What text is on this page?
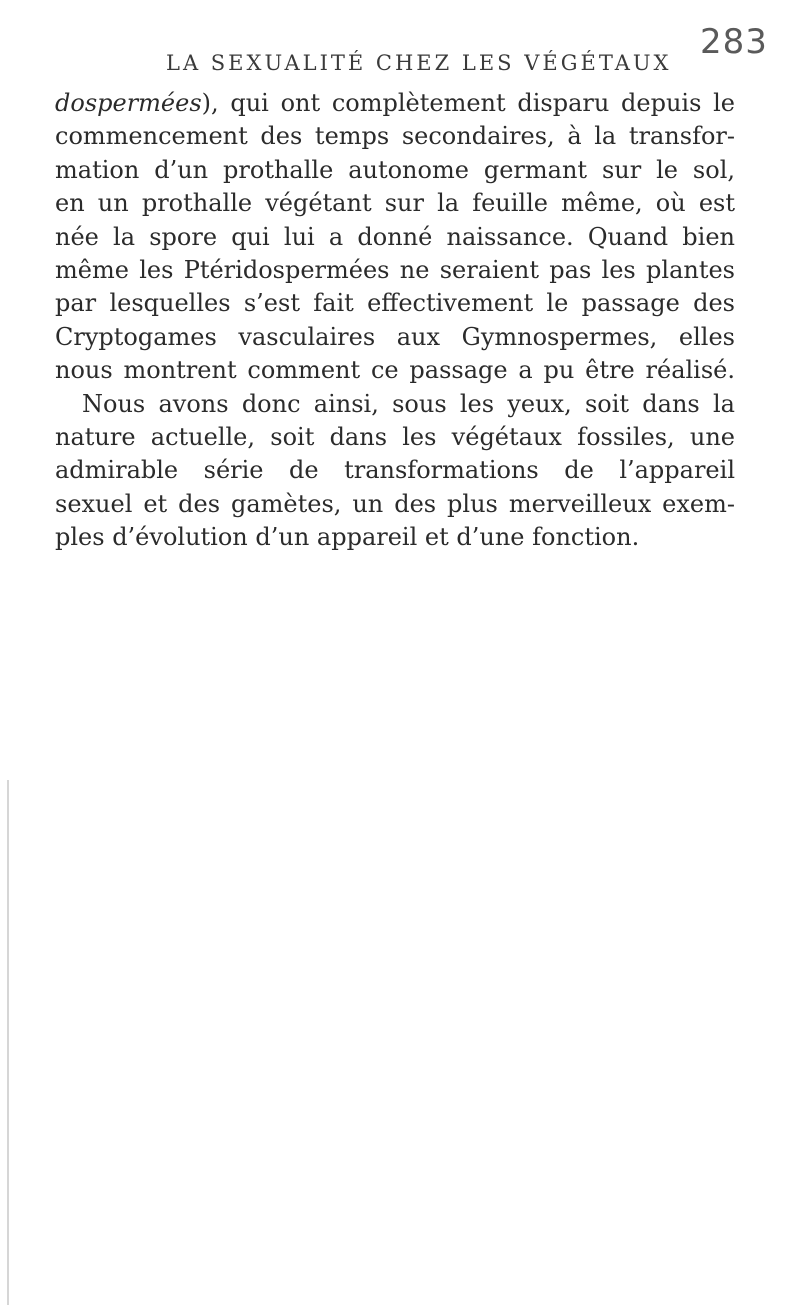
283
LA SEXUALITÉ CHEZ LES VÉGÉTAUX
dospermées), qui ont complètement disparu depuis le
commencement des temps secondaires, à la transfor-
mation d’un prothalle autonome germant sur le sol,
en un prothalle végétant sur la feuille même, où est
née la spore qui lui a donné naissance. Quand bien
même les Ptéridospermées ne seraient pas les plantes
par lesquelles s’est fait effectivement le passage des
Cryptogames vasculaires aux Gymnospermes, elles
nous montrent comment ce passage a pu être réalisé.
Nous avons donc ainsi, sous les yeux, soit dans la
nature actuelle, soit dans les végétaux fossiles, une
admirable série de transformations de l’appareil
sexuel et des gamètes, un des plus merveilleux exem-
ples d’évolution d’un appareil et d’une fonction.
